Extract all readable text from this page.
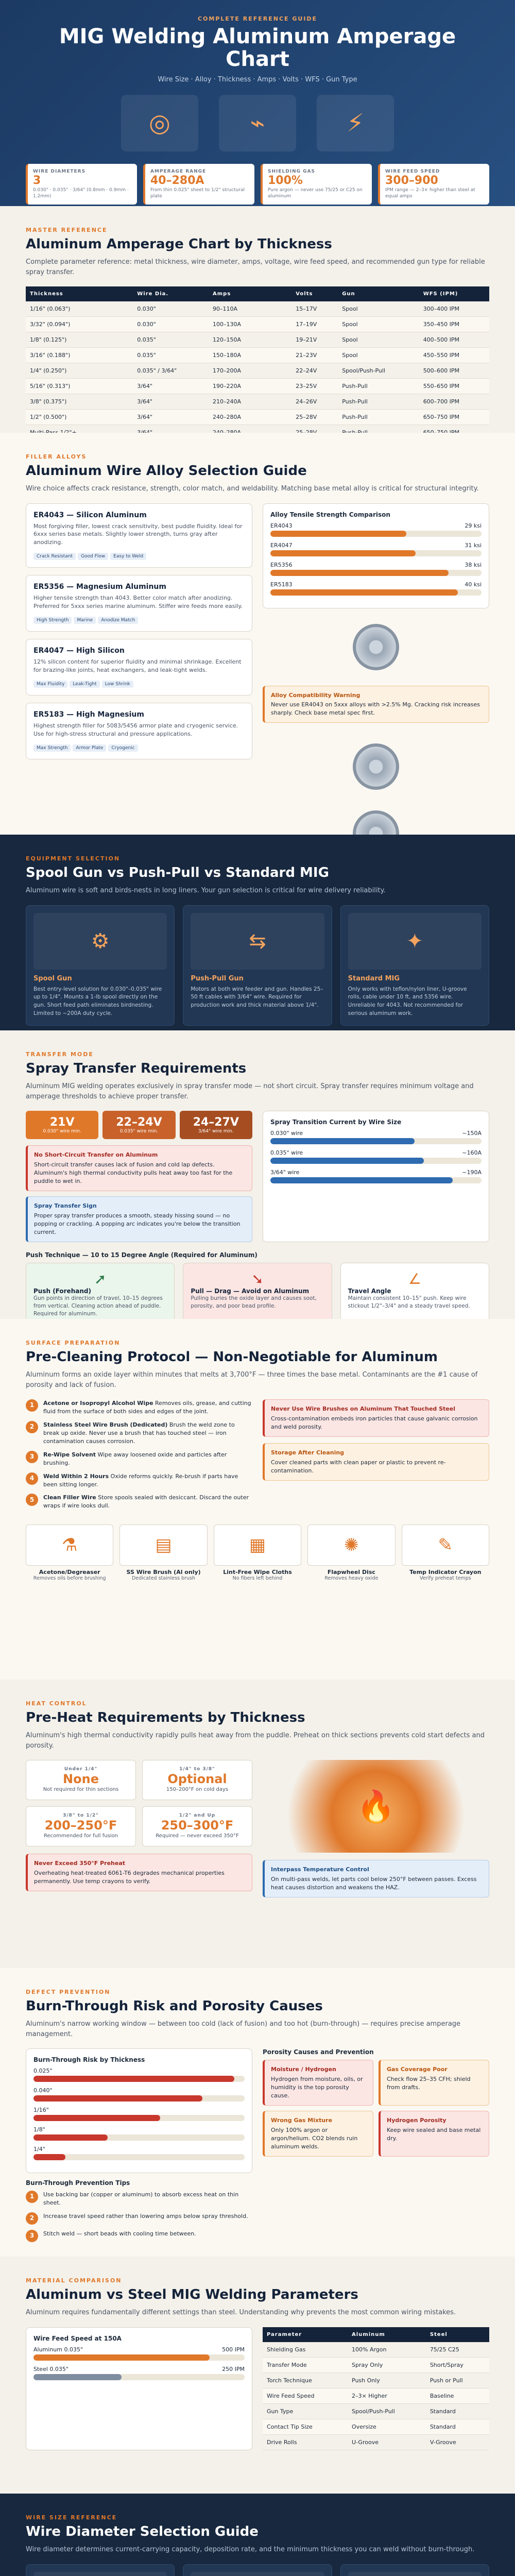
COMPLETE REFERENCE GUIDE
MIG Welding Aluminum Amperage Chart
Wire Size · Alloy · Thickness · Amps · Volts · WFS · Gun Type
◎	⌁	⚡
WIRE DIAMETERS
3
0.030" · 0.035" · 3/64" (0.8mm · 0.9mm · 1.2mm)
AMPERAGE RANGE
40–280A
From thin 0.025" sheet to 1/2" structural plate
SHIELDING GAS
100%
Pure argon — never use 75/25 or C25 on aluminum
WIRE FEED SPEED
300–900
IPM range — 2–3× higher than steel at equal amps
MASTER REFERENCE
Aluminum Amperage Chart by Thickness
Complete parameter reference: metal thickness, wire diameter, amps, voltage, wire feed speed, and recommended gun type for reliable spray transfer.
Thickness	Wire Dia.	Amps	Volts	Gun	WFS (IPM)
1/16" (0.063")	0.030"	90–110A	15–17V	Spool	300–400 IPM
3/32" (0.094")	0.030"	100–130A	17–19V	Spool	350–450 IPM
1/8" (0.125")	0.035"	120–150A	19–21V	Spool	400–500 IPM
3/16" (0.188")	0.035"	150–180A	21–23V	Spool	450–550 IPM
1/4" (0.250")	0.035" / 3/64"	170–200A	22–24V	Spool/Push-Pull	500–600 IPM
5/16" (0.313")	3/64"	190–220A	23–25V	Push-Pull	550–650 IPM
3/8" (0.375")	3/64"	210–240A	24–26V	Push-Pull	600–700 IPM
1/2" (0.500")	3/64"	240–280A	25–28V	Push-Pull	650–750 IPM

FILLER ALLOYS
Aluminum Wire Alloy Selection Guide
Wire choice affects crack resistance, strength, color match, and weldability. Matching base metal alloy is critical for structural integrity.
ER4043 — Silicon Aluminum
Most forgiving filler, lowest crack sensitivity, best puddle fluidity. Ideal for 6xxx series base metals. Slightly lower strength, turns gray after anodizing.
Crack Resistant Good Flow Easy to Weld
ER5356 — Magnesium Aluminum
Higher tensile strength than 4043. Better color match after anodizing. Preferred for 5xxx series marine aluminum. Stiffer wire feeds more easily.
High Strength Marine Anodize Match
ER4047 — High Silicon
12% silicon content for superior fluidity and minimal shrinkage. Excellent for brazing-like joints, heat exchangers, and leak-tight welds.
Max Fluidity Leak-Tight Low Shrink
ER5183 — High Magnesium
Highest strength filler for 5083/5456 armor plate and cryogenic service. Use for high-stress structural and pressure applications.
Max Strength Armor Plate Cryogenic
Alloy Tensile Strength Comparison
ER4043	29 ksi
ER4047	31 ksi
ER5356	38 ksi
ER5183	40 ksi
Alloy Compatibility Warning
Never use ER4043 on 5xxx alloys with >2.5% Mg. Cracking risk increases sharply. Check base metal spec first.
EQUIPMENT SELECTION
Spool Gun vs Push-Pull vs Standard MIG
Aluminum wire is soft and birds-nests in long liners. Your gun selection is critical for wire delivery reliability.
⚙
Spool Gun
Best entry-level solution for 0.030"–0.035" wire up to 1/4". Mounts a 1-lb spool directly on the gun. Short feed path eliminates birdnesting. Limited to ~200A duty cycle.
⇆
Push-Pull Gun
Motors at both wire feeder and gun. Handles 25–50 ft cables with 3/64" wire. Required for production work and thick material above 1/4".
✦
Standard MIG
Only works with teflon/nylon liner, U-groove rolls, cable under 10 ft, and 5356 wire. Unreliable for 4043. Not recommended for serious aluminum work.
TRANSFER MODE
Spray Transfer Requirements
Aluminum MIG welding operates exclusively in spray transfer mode — not short circuit. Spray transfer requires minimum voltage and amperage thresholds to achieve proper transfer.
21V
0.030" wire min.
22–24V
0.035" wire min.
24–27V
3/64" wire min.
No Short-Circuit Transfer on Aluminum
Short-circuit transfer causes lack of fusion and cold lap defects. Aluminum's high thermal conductivity pulls heat away too fast for the puddle to wet in.
Spray Transfer Sign
Proper spray transfer produces a smooth, steady hissing sound — no popping or crackling. A popping arc indicates you're below the transition current.
Spray Transition Current by Wire Size
0.030" wire	~150A
0.035" wire	~160A
3/64" wire	~190A
Push Technique — 10 to 15 Degree Angle (Required for Aluminum)
➚
Push (Forehand)
Gun points in direction of travel, 10–15 degrees from vertical. Cleaning action ahead of puddle. Required for aluminum.
➘
Pull — Drag — Avoid on Aluminum
Pulling buries the oxide layer and causes soot, porosity, and poor bead profile.
∠
Travel Angle
Maintain consistent 10–15° push. Keep wire stickout 1/2"–3/4" and a steady travel speed.
SURFACE PREPARATION
Pre-Cleaning Protocol — Non-Negotiable for Aluminum
Aluminum forms an oxide layer within minutes that melts at 3,700°F — three times the base metal. Contaminants are the #1 cause of porosity and lack of fusion.
1	Acetone or Isopropyl Alcohol Wipe Removes oils, grease, and cutting fluid from the surface of both sides and edges of the joint.
2	Stainless Steel Wire Brush (Dedicated) Brush the weld zone to break up oxide. Never use a brush that has touched steel — iron contamination causes corrosion.
3	Re-Wipe Solvent Wipe away loosened oxide and particles after brushing.
4	Weld Within 2 Hours Oxide reforms quickly. Re-brush if parts have been sitting longer.
5	Clean Filler Wire Store spools sealed with desiccant. Discard the outer wraps if wire looks dull.
Never Use Wire Brushes on Aluminum That Touched Steel
Cross-contamination embeds iron particles that cause galvanic corrosion and weld porosity.
Storage After Cleaning
Cover cleaned parts with clean paper or plastic to prevent re-contamination.
⚗
Acetone/Degreaser
Removes oils before brushing
▤
SS Wire Brush (Al only)
Dedicated stainless brush
▦
Lint-Free Wipe Cloths
No fibers left behind
✺
Flapwheel Disc
Removes heavy oxide
✎
Temp Indicator Crayon
Verify preheat temps
HEAT CONTROL
Pre-Heat Requirements by Thickness
Aluminum's high thermal conductivity rapidly pulls heat away from the puddle. Preheat on thick sections prevents cold start defects and porosity.
Under 1/4"
None
Not required for thin sections
1/4" to 3/8"
Optional
150–200°F on cold days
3/8" to 1/2"
200–250°F
Recommended for full fusion
1/2" and Up
250–300°F
Required — never exceed 350°F
Never Exceed 350°F Preheat
Overheating heat-treated 6061-T6 degrades mechanical properties permanently. Use temp crayons to verify.
🔥
Interpass Temperature Control
On multi-pass welds, let parts cool below 250°F between passes. Excess heat causes distortion and weakens the HAZ.
DEFECT PREVENTION
Burn-Through Risk and Porosity Causes
Aluminum's narrow working window — between too cold (lack of fusion) and too hot (burn-through) — requires precise amperage management.
Burn-Through Risk by Thickness
0.025"
0.040"
1/16"
1/8"
1/4"
Burn-Through Prevention Tips
1	Use backing bar (copper or aluminum) to absorb excess heat on thin sheet.
2	Increase travel speed rather than lowering amps below spray threshold.
3	Stitch weld — short beads with cooling time between.
Porosity Causes and Prevention
Moisture / Hydrogen
Hydrogen from moisture, oils, or humidity is the top porosity cause.
Gas Coverage Poor
Check flow 25–35 CFH; shield from drafts.
Wrong Gas Mixture
Only 100% argon or argon/helium. CO2 blends ruin aluminum welds.
Hydrogen Porosity
Keep wire sealed and base metal dry.
MATERIAL COMPARISON
Aluminum vs Steel MIG Welding Parameters
Aluminum requires fundamentally different settings than steel. Understanding why prevents the most common wiring mistakes.
Wire Feed Speed at 150A
Aluminum 0.035"	500 IPM
Steel 0.035"	250 IPM
Parameter	Aluminum	Steel
Shielding Gas	100% Argon	75/25 C25
Transfer Mode	Spray Only	Short/Spray
Torch Technique	Push Only	Push or Pull
Wire Feed Speed	2–3× Higher	Baseline
Gun Type	Spool/Push-Pull	Standard
Contact Tip Size	Oversize	Standard
Drive Rolls	U-Groove	V-Groove
WIRE SIZE REFERENCE
Wire Diameter Selection Guide
Wire diameter determines current-carrying capacity, deposition rate, and the minimum thickness you can weld without burn-through.
